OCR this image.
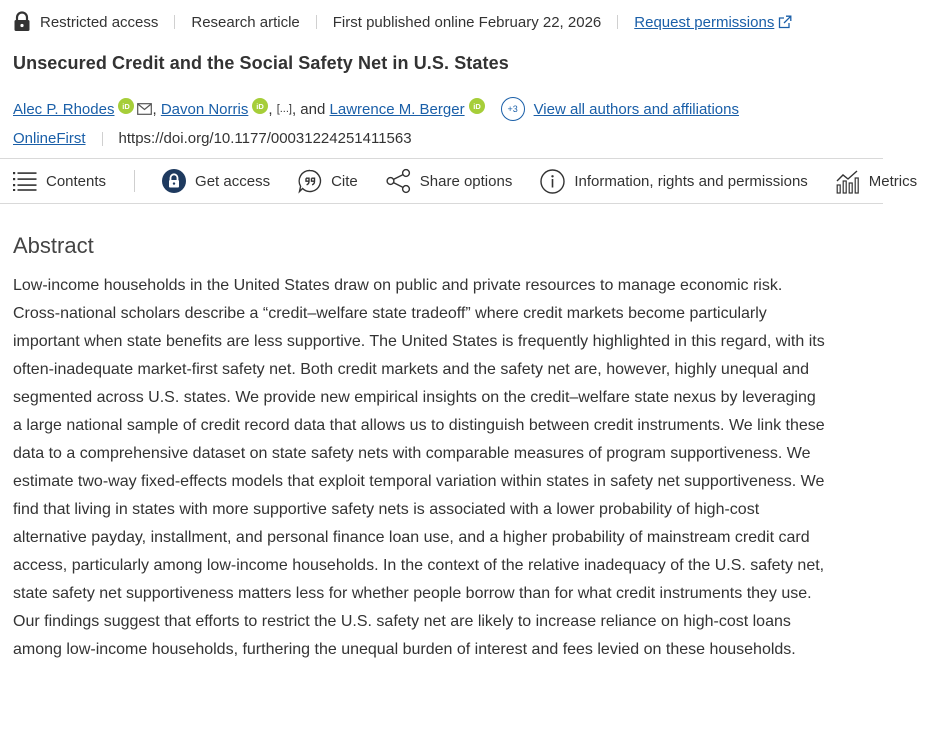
Restricted access Research article First published online February 22, 2026 Request permissions
Unsecured Credit and the Social Safety Net in U.S. States
Alec P. Rhodes iD , Davon Norris iD , [...] , and
Lawrence M. Berger iD	+3	View all authors and affiliations
OnlineFirst https://doi.org/10.1177/00031224251411563
Contents	Get access	Cite	Share options	Information, rights and permissions	Metrics
Abstract

Low-income households in the United States draw on public and private resources to manage economic risk. Cross-national scholars describe a “credit–welfare state tradeoff” where credit markets become particularly important when state benefits are less supportive. The United States is frequently highlighted in this regard, with its often-inadequate market-first safety net. Both credit markets and the safety net are, however, highly unequal and segmented across U.S. states. We provide new empirical insights on the credit–welfare state nexus by leveraging a large national sample of credit record data that allows us to distinguish between credit instruments. We link these data to a comprehensive dataset on state safety nets with comparable measures of program supportiveness. We estimate two-way fixed-effects models that exploit temporal variation within states in safety net supportiveness. We find that living in states with more supportive safety nets is associated with a lower probability of high-cost alternative payday, installment, and personal finance loan use, and a higher probability of mainstream credit card access, particularly among low-income households. In the context of the relative inadequacy of the U.S. safety net, state safety net supportiveness matters less for whether people borrow than for what credit instruments they use. Our findings suggest that efforts to restrict the U.S. safety net are likely to increase reliance on high-cost loans among low-income households, furthering the unequal burden of interest and fees levied on these households.
